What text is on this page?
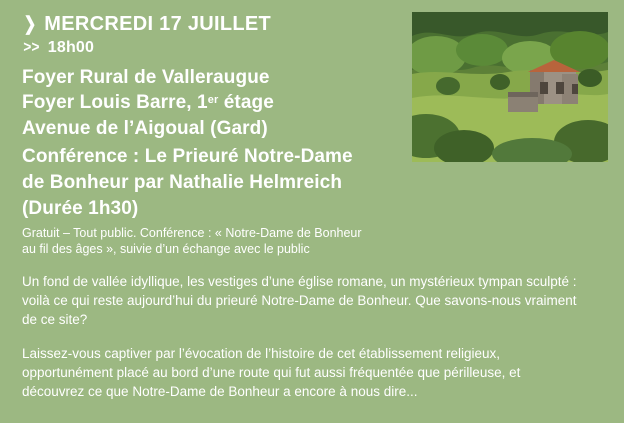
❯ MERCREDI 17 JUILLET
>> 18h00
Foyer Rural de Valleraugue
Foyer Louis Barre, 1er étage
Avenue de l’Aigoual (Gard)
Conférence : Le Prieuré Notre-Dame
de Bonheur par Nathalie Helmreich (Durée 1h30)
Gratuit – Tout public. Conférence : « Notre-Dame de Bonheur
au fil des âges », suivie d’un échange avec le public

Un fond de vallée idyllique, les vestiges d’une église romane, un mystérieux tympan sculpté : voilà ce qui reste aujourd’hui du prieuré Notre-Dame de Bonheur. Que savons-nous vraiment de ce site?

Laissez-vous captiver par l’évocation de l’histoire de cet établissement religieux, opportunément placé au bord d’une route qui fut aussi fréquentée que périlleuse, et découvrez ce que Notre-Dame de Bonheur a encore à nous dire...
